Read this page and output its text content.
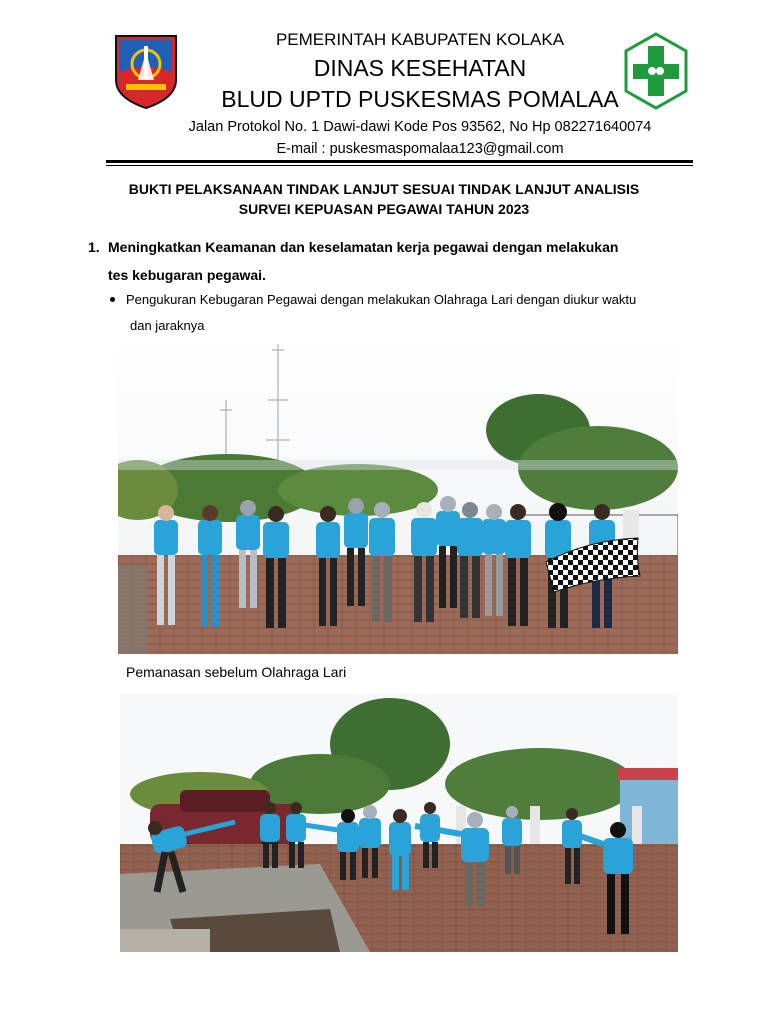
PEMERINTAH KABUPATEN KOLAKA
DINAS KESEHATAN
BLUD UPTD PUSKESMAS POMALAA
Jalan Protokol No. 1 Dawi-dawi Kode Pos 93562, No Hp 082271640074
E-mail : puskesmaspomalaa123@gmail.com
BUKTI PELAKSANAAN TINDAK LANJUT SESUAI TINDAK LANJUT ANALISIS
SURVEI KEPUASAN PEGAWAI TAHUN 2023
1. Meningkatkan Keamanan dan keselamatan kerja pegawai dengan melakukan
tes kebugaran pegawai.
Pengukuran Kebugaran Pegawai dengan melakukan Olahraga Lari dengan diukur waktu
dan jaraknya
Pemanasan sebelum Olahraga Lari
